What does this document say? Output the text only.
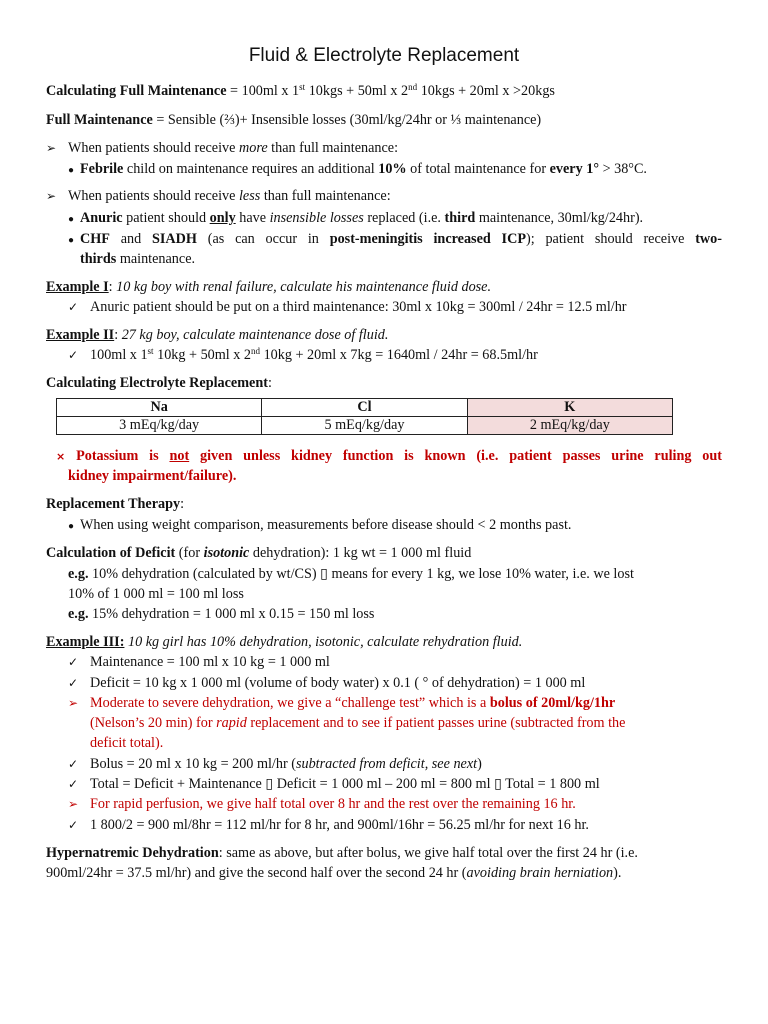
Fluid & Electrolyte Replacement
Calculating Full Maintenance = 100ml x 1st 10kgs + 50ml x 2nd 10kgs + 20ml x >20kgs
Full Maintenance = Sensible (⅔)+ Insensible losses (30ml/kg/24hr or ⅓ maintenance)
➢ When patients should receive more than full maintenance:
● Febrile child on maintenance requires an additional 10% of total maintenance for every 1° > 38°C.
➢ When patients should receive less than full maintenance:
● Anuric patient should only have insensible losses replaced (i.e. third maintenance, 30ml/kg/24hr).
● CHF and SIADH (as can occur in post-meningitis increased ICP); patient should receive two-
thirds maintenance.
Example I: 10 kg boy with renal failure, calculate his maintenance fluid dose.
✓ Anuric patient should be put on a third maintenance: 30ml x 10kg = 300ml / 24hr = 12.5 ml/hr
Example II: 27 kg boy, calculate maintenance dose of fluid.
✓ 100ml x 1st 10kg + 50ml x 2nd 10kg + 20ml x 7kg = 1640ml / 24hr = 68.5ml/hr
Calculating Electrolyte Replacement:
Na	Cl	K
3 mEq/kg/day	5 mEq/kg/day	2 mEq/kg/day
× Potassium is not given unless kidney function is known (i.e. patient passes urine ruling out
kidney impairment/failure).
Replacement Therapy:
● When using weight comparison, measurements before disease should < 2 months past.
Calculation of Deficit (for isotonic dehydration): 1 kg wt = 1 000 ml fluid
e.g. 10% dehydration (calculated by wt/CS) ▯ means for every 1 kg, we lose 10% water, i.e. we lost
10% of 1 000 ml = 100 ml loss
e.g. 15% dehydration = 1 000 ml x 0.15 = 150 ml loss
Example III: 10 kg girl has 10% dehydration, isotonic, calculate rehydration fluid.
✓ Maintenance = 100 ml x 10 kg = 1 000 ml
✓ Deficit = 10 kg x 1 000 ml (volume of body water) x 0.1 ( ° of dehydration) = 1 000 ml
➢ Moderate to severe dehydration, we give a “challenge test” which is a bolus of 20ml/kg/1hr
(Nelson’s 20 min) for rapid replacement and to see if patient passes urine (subtracted from the
deficit total).
✓ Bolus = 20 ml x 10 kg = 200 ml/hr (subtracted from deficit, see next)
✓ Total = Deficit + Maintenance ▯ Deficit = 1 000 ml – 200 ml = 800 ml ▯ Total = 1 800 ml
➢ For rapid perfusion, we give half total over 8 hr and the rest over the remaining 16 hr.
✓ 1 800/2 = 900 ml/8hr = 112 ml/hr for 8 hr, and 900ml/16hr = 56.25 ml/hr for next 16 hr.
Hypernatremic Dehydration: same as above, but after bolus, we give half total over the first 24 hr (i.e.
900ml/24hr = 37.5 ml/hr) and give the second half over the second 24 hr (avoiding brain herniation).
